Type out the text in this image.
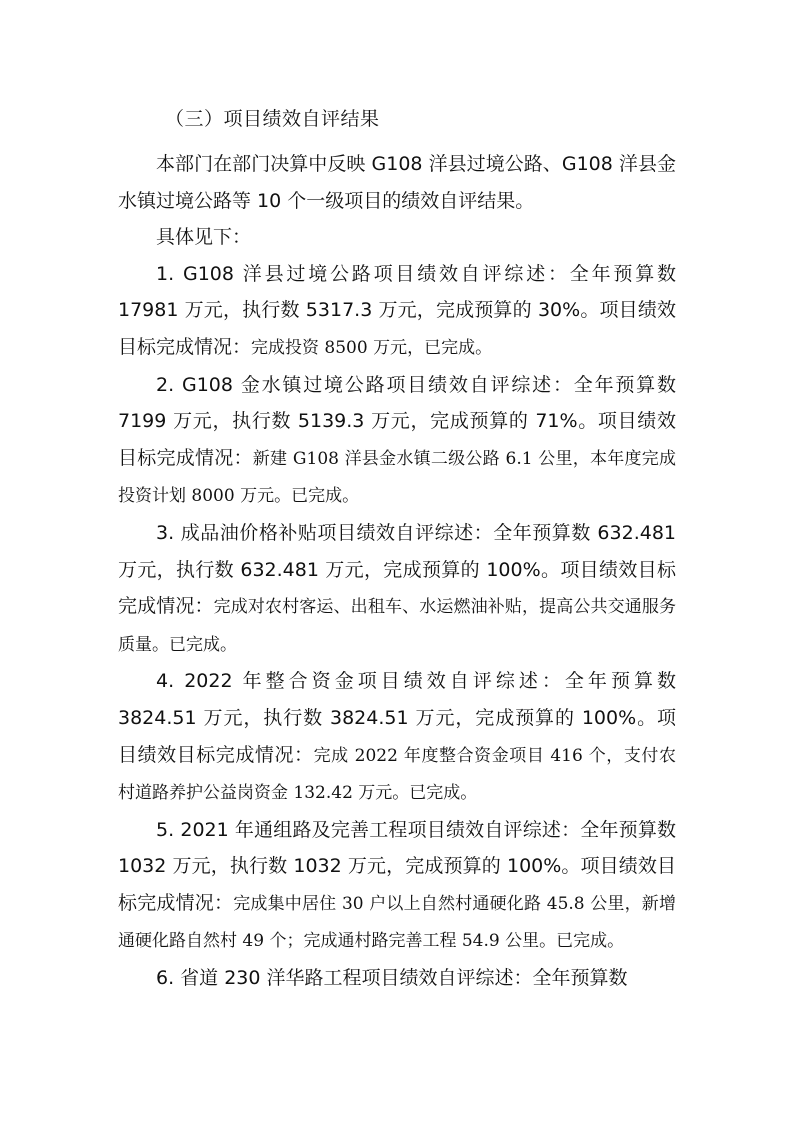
（三）项目绩效自评结果

本部门在部门决算中反映 G108 洋县过境公路、G108 洋县金水镇过境公路等 10 个一级项目的绩效自评结果。

具体见下：

1. G108 洋县过境公路项目绩效自评综述：全年预算数 17981 万元，执行数 5317.3 万元，完成预算的 30%。项目绩效目标完成情况：完成投资 8500 万元，已完成。

2. G108 金水镇过境公路项目绩效自评综述：全年预算数 7199 万元，执行数 5139.3 万元，完成预算的 71%。项目绩效目标完成情况：新建 G108 洋县金水镇二级公路 6.1 公里，本年度完成投资计划 8000 万元。已完成。

3. 成品油价格补贴项目绩效自评综述：全年预算数 632.481 万元，执行数 632.481 万元，完成预算的 100%。项目绩效目标完成情况：完成对农村客运、出租车、水运燃油补贴，提高公共交通服务质量。已完成。

4. 2022 年整合资金项目绩效自评综述：全年预算数 3824.51 万元，执行数 3824.51 万元，完成预算的 100%。项目绩效目标完成情况：完成 2022 年度整合资金项目 416 个，支付农村道路养护公益岗资金 132.42 万元。已完成。

5. 2021 年通组路及完善工程项目绩效自评综述：全年预算数 1032 万元，执行数 1032 万元，完成预算的 100%。项目绩效目标完成情况：完成集中居住 30 户以上自然村通硬化路 45.8 公里，新增通硬化路自然村 49 个；完成通村路完善工程 54.9 公里。已完成。

6. 省道 230 洋华路工程项目绩效自评综述：全年预算数
